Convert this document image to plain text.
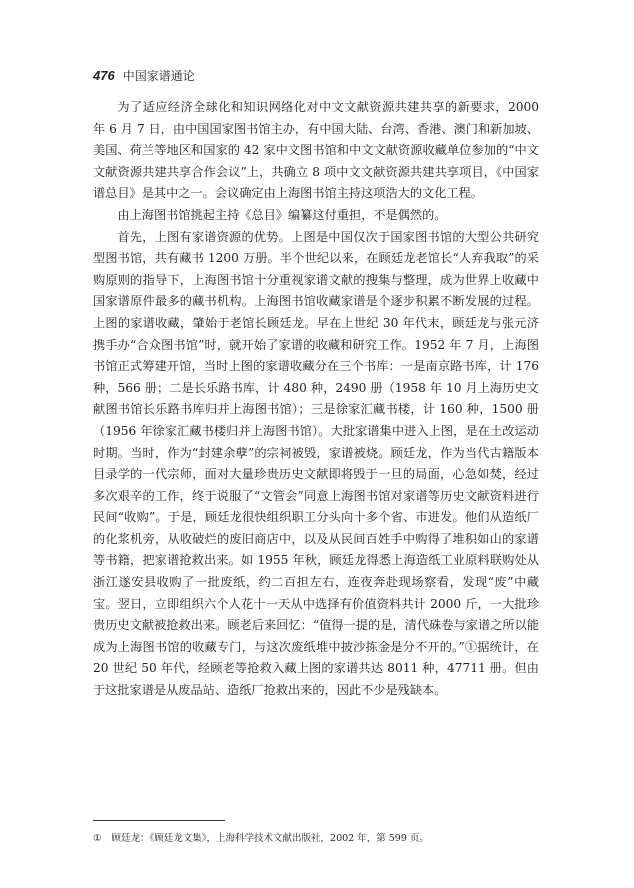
476 中国家谱通论

为了适应经济全球化和知识网络化对中文文献资源共建共享的新要求，2000 年 6 月 7 日，由中国国家图书馆主办，有中国大陆、台湾、香港、澳门和新加坡、美国、荷兰等地区和国家的 42 家中文图书馆和中文文献资源收藏单位参加的“中文文献资源共建共享合作会议”上，共确立 8 项中文文献资源共建共享项目，《中国家谱总目》是其中之一。会议确定由上海图书馆主持这项浩大的文化工程。

由上海图书馆挑起主持《总目》编纂这付重担，不是偶然的。

首先，上图有家谱资源的优势。上图是中国仅次于国家图书馆的大型公共研究型图书馆，共有藏书 1200 万册。半个世纪以来，在顾廷龙老馆长“人弃我取”的采购原则的指导下，上海图书馆十分重视家谱文献的搜集与整理，成为世界上收藏中国家谱原件最多的藏书机构。上海图书馆收藏家谱是个逐步积累不断发展的过程。上图的家谱收藏，肇始于老馆长顾廷龙。早在上世纪 30 年代末，顾廷龙与张元济携手办“合众图书馆”时，就开始了家谱的收藏和研究工作。1952 年 7 月，上海图书馆正式筹建开馆，当时上图的家谱收藏分在三个书库：一是南京路书库，计 176 种，566 册；二是长乐路书库，计 480 种，2490 册（1958 年 10 月上海历史文献图书馆长乐路书库归并上海图书馆）；三是徐家汇藏书楼，计 160 种，1500 册（1956 年徐家汇藏书楼归并上海图书馆）。大批家谱集中进入上图，是在土改运动时期。当时，作为“封建余孽”的宗祠被毁，家谱被烧。顾廷龙，作为当代古籍版本目录学的一代宗师，面对大量珍贵历史文献即将毁于一旦的局面，心急如焚，经过多次艰辛的工作，终于说服了“文管会”同意上海图书馆对家谱等历史文献资料进行民间“收购”。于是，顾廷龙很快组织职工分头向十多个省、市进发。他们从造纸厂的化浆机旁，从收破烂的废旧商店中，以及从民间百姓手中购得了堆积如山的家谱等书籍，把家谱抢救出来。如 1955 年秋，顾廷龙得悉上海造纸工业原料联购处从浙江遂安县收购了一批废纸，约二百担左右，连夜奔赴现场察看，发现“废”中藏宝。翌日，立即组织六个人花十一天从中选择有价值资料共计 2000 斤，一大批珍贵历史文献被抢救出来。顾老后来回忆：“值得一提的是，清代硃卷与家谱之所以能成为上海图书馆的收藏专门，与这次废纸堆中披沙拣金是分不开的。”①据统计，在 20 世纪 50 年代，经顾老等抢救入藏上图的家谱共达 8011 种，47711 册。但由于这批家谱是从废品站、造纸厂抢救出来的，因此不少是残缺本。

① 顾廷龙：《顾廷龙文集》，上海科学技术文献出版社，2002 年，第 599 页。
